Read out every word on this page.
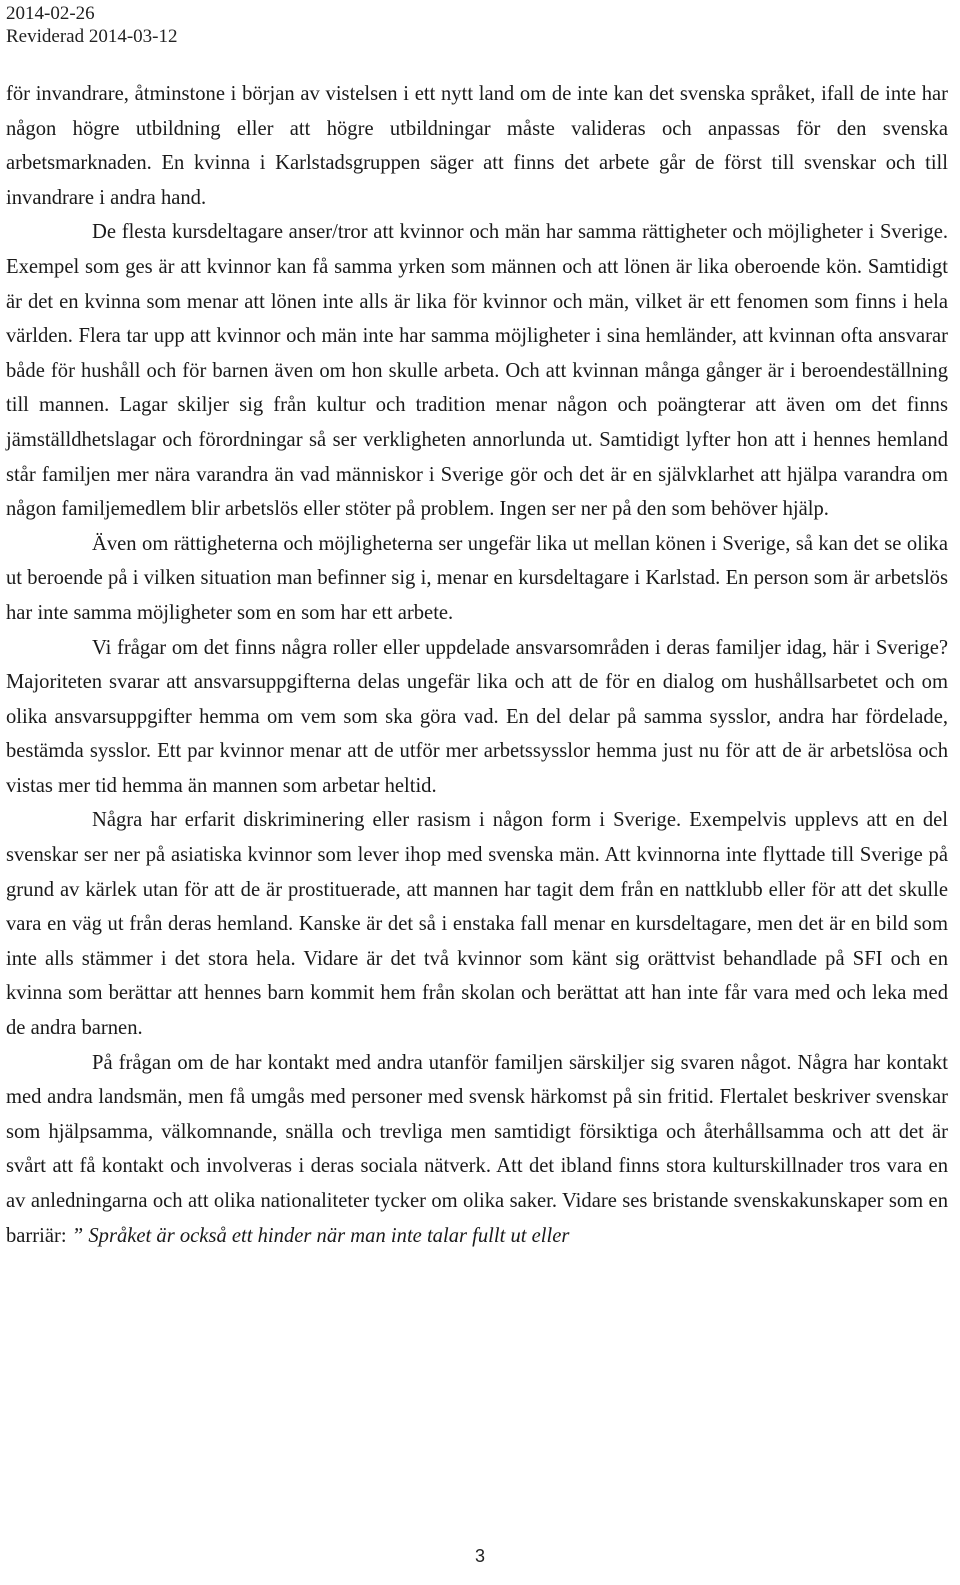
2014-02-26
Reviderad 2014-03-12

för invandrare, åtminstone i början av vistelsen i ett nytt land om de inte kan det svenska språket, ifall de inte har någon högre utbildning eller att högre utbildningar måste valideras och anpassas för den svenska arbetsmarknaden. En kvinna i Karlstadsgruppen säger att finns det arbete går de först till svenskar och till invandrare i andra hand.

De flesta kursdeltagare anser/tror att kvinnor och män har samma rättigheter och möjligheter i Sverige. Exempel som ges är att kvinnor kan få samma yrken som männen och att lönen är lika oberoende kön. Samtidigt är det en kvinna som menar att lönen inte alls är lika för kvinnor och män, vilket är ett fenomen som finns i hela världen. Flera tar upp att kvinnor och män inte har samma möjligheter i sina hemländer, att kvinnan ofta ansvarar både för hushåll och för barnen även om hon skulle arbeta. Och att kvinnan många gånger är i beroendeställning till mannen. Lagar skiljer sig från kultur och tradition menar någon och poängterar att även om det finns jämställdhetslagar och förordningar så ser verkligheten annorlunda ut. Samtidigt lyfter hon att i hennes hemland står familjen mer nära varandra än vad människor i Sverige gör och det är en självklarhet att hjälpa varandra om någon familjemedlem blir arbetslös eller stöter på problem. Ingen ser ner på den som behöver hjälp.

Även om rättigheterna och möjligheterna ser ungefär lika ut mellan könen i Sverige, så kan det se olika ut beroende på i vilken situation man befinner sig i, menar en kursdeltagare i Karlstad. En person som är arbetslös har inte samma möjligheter som en som har ett arbete.

Vi frågar om det finns några roller eller uppdelade ansvarsområden i deras familjer idag, här i Sverige? Majoriteten svarar att ansvarsuppgifterna delas ungefär lika och att de för en dialog om hushållsarbetet och om olika ansvarsuppgifter hemma om vem som ska göra vad. En del delar på samma sysslor, andra har fördelade, bestämda sysslor. Ett par kvinnor menar att de utför mer arbetssysslor hemma just nu för att de är arbetslösa och vistas mer tid hemma än mannen som arbetar heltid.

Några har erfarit diskriminering eller rasism i någon form i Sverige. Exempelvis upplevs att en del svenskar ser ner på asiatiska kvinnor som lever ihop med svenska män. Att kvinnorna inte flyttade till Sverige på grund av kärlek utan för att de är prostituerade, att mannen har tagit dem från en nattklubb eller för att det skulle vara en väg ut från deras hemland. Kanske är det så i enstaka fall menar en kursdeltagare, men det är en bild som inte alls stämmer i det stora hela. Vidare är det två kvinnor som känt sig orättvist behandlade på SFI och en kvinna som berättar att hennes barn kommit hem från skolan och berättat att han inte får vara med och leka med de andra barnen.

På frågan om de har kontakt med andra utanför familjen särskiljer sig svaren något. Några har kontakt med andra landsmän, men få umgås med personer med svensk härkomst på sin fritid. Flertalet beskriver svenskar som hjälpsamma, välkomnande, snälla och trevliga men samtidigt försiktiga och återhållsamma och att det är svårt att få kontakt och involveras i deras sociala nätverk. Att det ibland finns stora kulturskillnader tros vara en av anledningarna och att olika nationaliteter tycker om olika saker. Vidare ses bristande svenskakunskaper som en barriär: ” Språket är också ett hinder när man inte talar fullt ut eller

3
